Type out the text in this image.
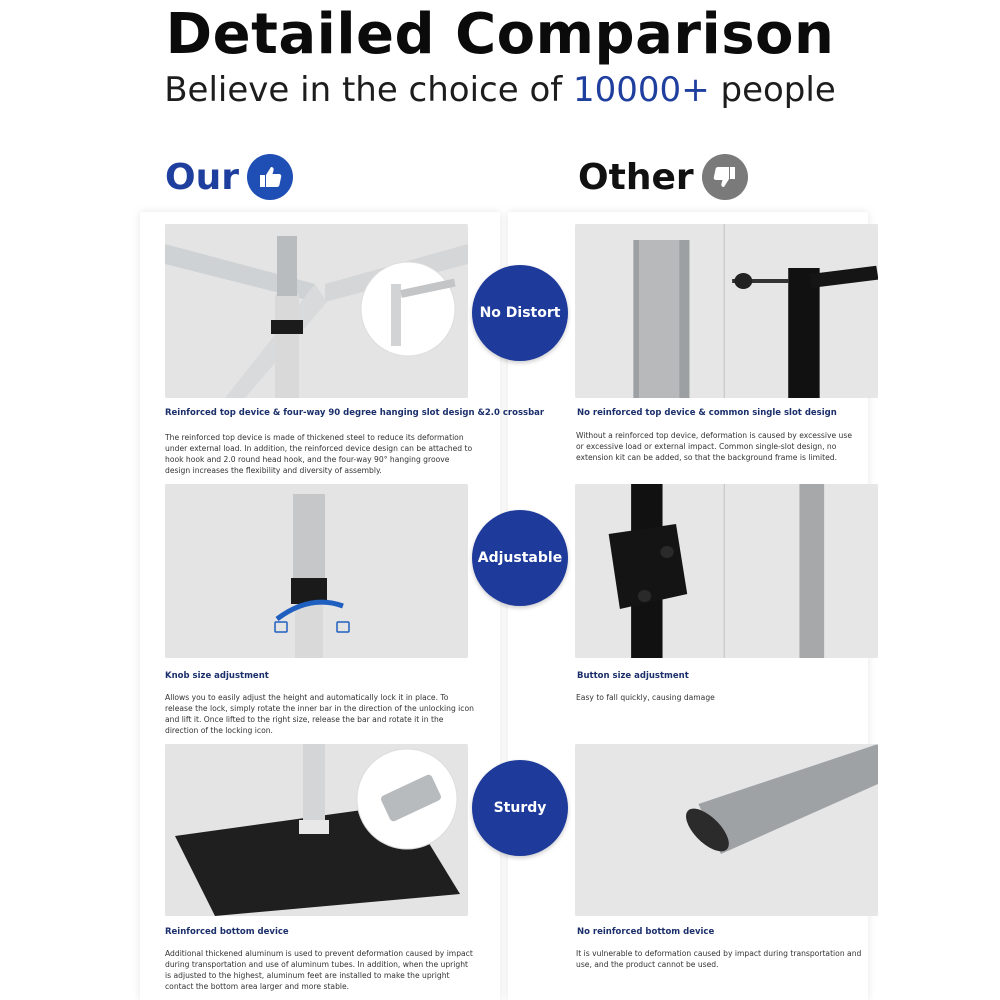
Detailed Comparison
Believe in the choice of 10000+ people
Our	Other
No Distort
Reinforced top device & four-way 90 degree hanging slot design &2.0 crossbar
The reinforced top device is made of thickened steel to reduce its deformation under external load. In addition, the reinforced device design can be attached to hook hook and 2.0 round head hook, and the four-way 90° hanging groove design increases the flexibility and diversity of assembly.
No reinforced top device & common single slot design
Without a reinforced top device, deformation is caused by excessive use or excessive load or external impact. Common single-slot design, no extension kit can be added, so that the background frame is limited.
Adjustable
Knob size adjustment
Allows you to easily adjust the height and automatically lock it in place. To release the lock, simply rotate the inner bar in the direction of the unlocking icon and lift it. Once lifted to the right size, release the bar and rotate it in the direction of the locking icon.
Button size adjustment
Easy to fall quickly, causing damage
Sturdy
Reinforced bottom device
Additional thickened aluminum is used to prevent deformation caused by impact during transportation and use of aluminum tubes. In addition, when the upright is adjusted to the highest, aluminum feet are installed to make the upright contact the bottom area larger and more stable.
No reinforced bottom device
It is vulnerable to deformation caused by impact during transportation and use, and the product cannot be used.
